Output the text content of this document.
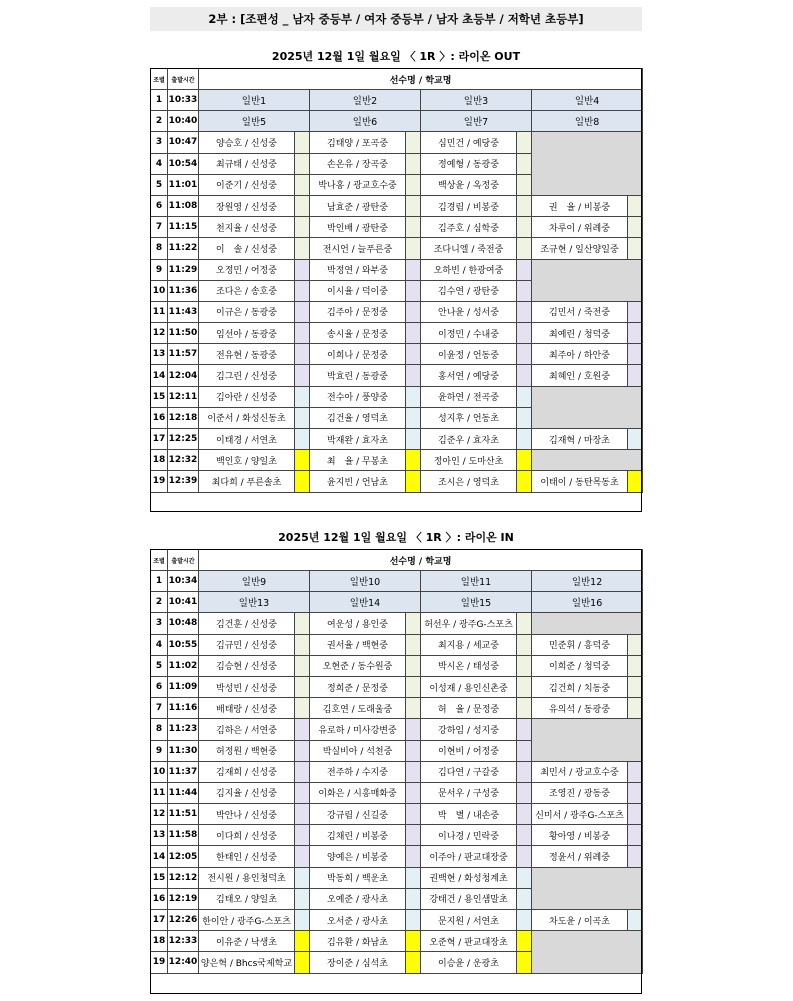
2부 : [조편성 _ 남자 중등부 / 여자 중등부 / 남자 초등부 / 저학년 초등부]
2025년 12월 1일 월요일 〈 1R 〉: 라이온 OUT
2025년 12월 1일 월요일 〈 1R 〉: 라이온 IN
조별	출발시간	선수명 / 학교명							
1	10:33	일반1		일반2		일반3		일반4	
2	10:40	일반5		일반6		일반7		일반8	
3	10:47	양승호 / 신성중		김태양 / 포곡중		심민건 / 예당중			
4	10:54	최규태 / 신성중		손온유 / 장곡중		정예형 / 동광중			
5	11:01	이준기 / 신성중		박나홍 / 광교호수중		백상윤 / 옥정중			
6	11:08	장원영 / 신성중		남효준 / 광탄중		김경림 / 비봉중		권　율 / 비봉중	
7	11:15	천지율 / 신성중		박인배 / 광탄중		김주호 / 심학중		차루이 / 위례중	
8	11:22	이　솔 / 신성중		전시언 / 늘푸른중		조다니엘 / 죽전중		조규현 / 일산양일중	
9	11:29	오정민 / 어정중		박정연 / 와부중		오하빈 / 한광여중			
10	11:36	조다은 / 송호중		이시율 / 덕이중		김수연 / 광탄중			
11	11:43	이규은 / 동광중		김주아 / 문정중		안나윤 / 성서중		김민서 / 죽전중	
12	11:50	임선아 / 동광중		송시율 / 문정중		이정민 / 수내중		최예린 / 청덕중	
13	11:57	전유현 / 동광중		이희나 / 문정중		이윤정 / 언동중		최주아 / 하안중	
14	12:04	김그린 / 신성중		박효린 / 동광중		홍서연 / 예당중		최혜인 / 호원중	
15	12:11	김아란 / 신성중		전수아 / 풍양중		윤하연 / 전곡중			
16	12:18	이준서 / 화성신동초		김건율 / 영덕초		성지후 / 언동초			
17	12:25	이태경 / 서연초		박재완 / 효자초		김준우 / 효자초		김재혁 / 마장초	
18	12:32	백인호 / 양일초		최　율 / 무봉초		정아인 / 도마산초			
19	12:39	최다희 / 푸른솔초		윤지빈 / 언남초		조시은 / 영덕초		이태이 / 동탄목동초	
조별	출발시간	선수명 / 학교명							
1	10:34	일반9		일반10		일반11		일반12	
2	10:41	일반13		일반14		일반15		일반16	
3	10:48	김건훈 / 신성중		여운성 / 용인중		허선우 / 광주G-스포츠			
4	10:55	김규민 / 신성중		권서율 / 백현중		최지용 / 세교중		민준휘 / 흥덕중	
5	11:02	김승현 / 신성중		오현준 / 동수원중		박시온 / 태성중		이희준 / 청덕중	
6	11:09	박성빈 / 신성중		정희준 / 문정중		이성재 / 용인신촌중		김건희 / 치동중	
7	11:16	배태랑 / 신성중		김호연 / 도래울중		허　율 / 문정중		유의석 / 동광중	
8	11:23	김하은 / 서연중		유로하 / 미사강변중		강하임 / 성지중			
9	11:30	허정원 / 백현중		박실비아 / 석천중		이현비 / 어정중			
10	11:37	김재희 / 신성중		전주하 / 수지중		김다연 / 구갈중		최민서 / 광교호수중	
11	11:44	김지율 / 신성중		이화은 / 시흥매화중		문서우 / 구성중		조영진 / 광동중	
12	11:51	박안나 / 신성중		강규림 / 신길중		박　별 / 내손중		신미서 / 광주G-스포츠	
13	11:58	이다희 / 신성중		김채린 / 비봉중		이나경 / 민락중		황아영 / 비봉중	
14	12:05	한태인 / 신성중		양예은 / 비봉중		이주아 / 판교대장중		정윤서 / 위례중	
15	12:12	전시원 / 용인청덕초		박동희 / 백운초		권백현 / 화성청계초			
16	12:19	김태오 / 양일초		오예준 / 광사초		강태건 / 용인샘말초			
17	12:26	한이안 / 광주G-스포츠		오서준 / 광사초		문지원 / 서연초		차도윤 / 이곡초	
18	12:33	이유준 / 낙생초		김유환 / 화남초		오준혁 / 판교대장초			
19	12:40	양은혁 / Bhcs국제학교		장이준 / 심석초		이승윤 / 운광초			
